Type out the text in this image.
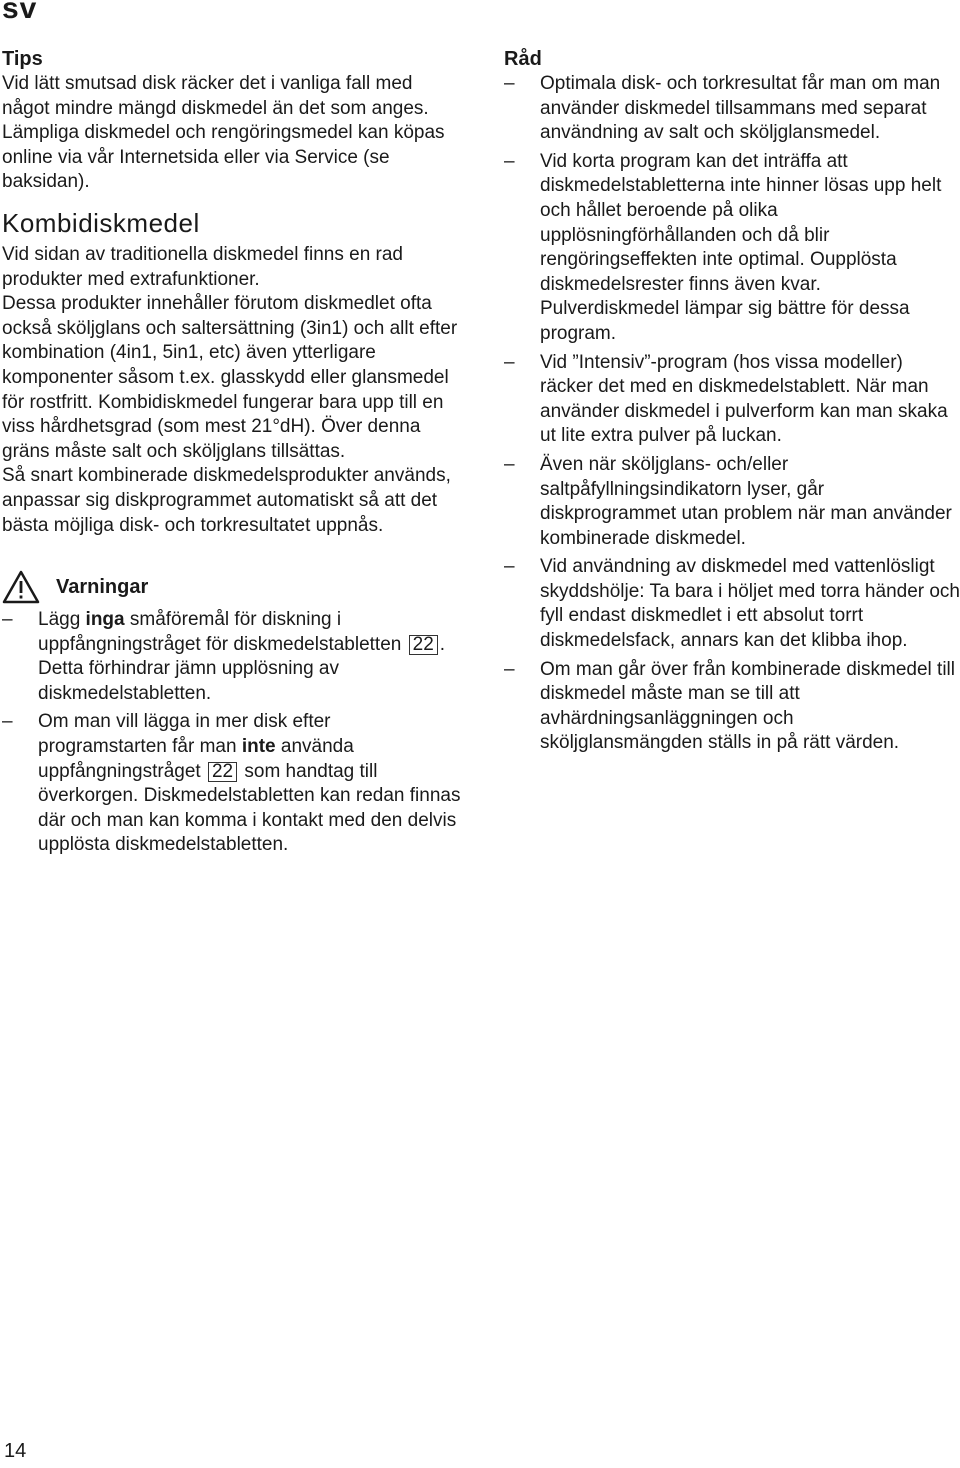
sv
Tips

Vid lätt smutsad disk räcker det i vanliga fall med något mindre mängd diskmedel än det som anges.

Lämpliga diskmedel och rengöringsmedel kan köpas online via vår Internetsida eller via Service (se baksidan).

Kombidiskmedel

Vid sidan av traditionella diskmedel finns en rad produkter med extrafunktioner.

Dessa produkter innehåller förutom diskmedlet ofta också sköljglans och saltersättning (3in1) och allt efter kombination (4in1, 5in1, etc) även ytterligare komponenter såsom t.ex. glasskydd eller glansmedel för rostfritt. Kombidiskmedel fungerar bara upp till en viss hårdhetsgrad (som mest 21°dH). Över denna gräns måste salt och sköljglans tillsättas.

Så snart kombinerade diskmedelsprodukter används, anpassar sig diskprogrammet automatiskt så att det bästa möjliga disk- och torkresultatet uppnås.

Varningar
– Lägg inga småföremål för diskning i uppfångningstråget för diskmedelstabletten 22 . Detta förhindrar jämn upplösning av diskmedelstabletten.
– Om man vill lägga in mer disk efter programstarten får man inte använda uppfångningstråget 22 som handtag till överkorgen. Diskmedelstabletten kan redan finnas där och man kan komma i kontakt med den delvis upplösta diskmedelstabletten.
Råd
– Optimala disk- och torkresultat får man om man använder diskmedel tillsammans med separat användning av salt och sköljglansmedel.
– Vid korta program kan det inträffa att diskmedelstabletterna inte hinner lösas upp helt och hållet beroende på olika upplösningförhållanden och då blir rengöringseffekten inte optimal. Oupplösta diskmedelsrester finns även kvar. Pulverdiskmedel lämpar sig bättre för dessa program.
– Vid ”Intensiv”-program (hos vissa modeller) räcker det med en diskmedelstablett. När man använder diskmedel i pulverform kan man skaka ut lite extra pulver på luckan.
– Även när sköljglans- och/eller saltpåfyllningsindikatorn lyser, går diskprogrammet utan problem när man använder kombinerade diskmedel.
– Vid användning av diskmedel med vattenlösligt skyddshölje: Ta bara i höljet med torra händer och fyll endast diskmedlet i ett absolut torrt diskmedelsfack, annars kan det klibba ihop.
– Om man går över från kombinerade diskmedel till diskmedel måste man se till att avhärdningsanläggningen och sköljglansmängden ställs in på rätt värden.
14
